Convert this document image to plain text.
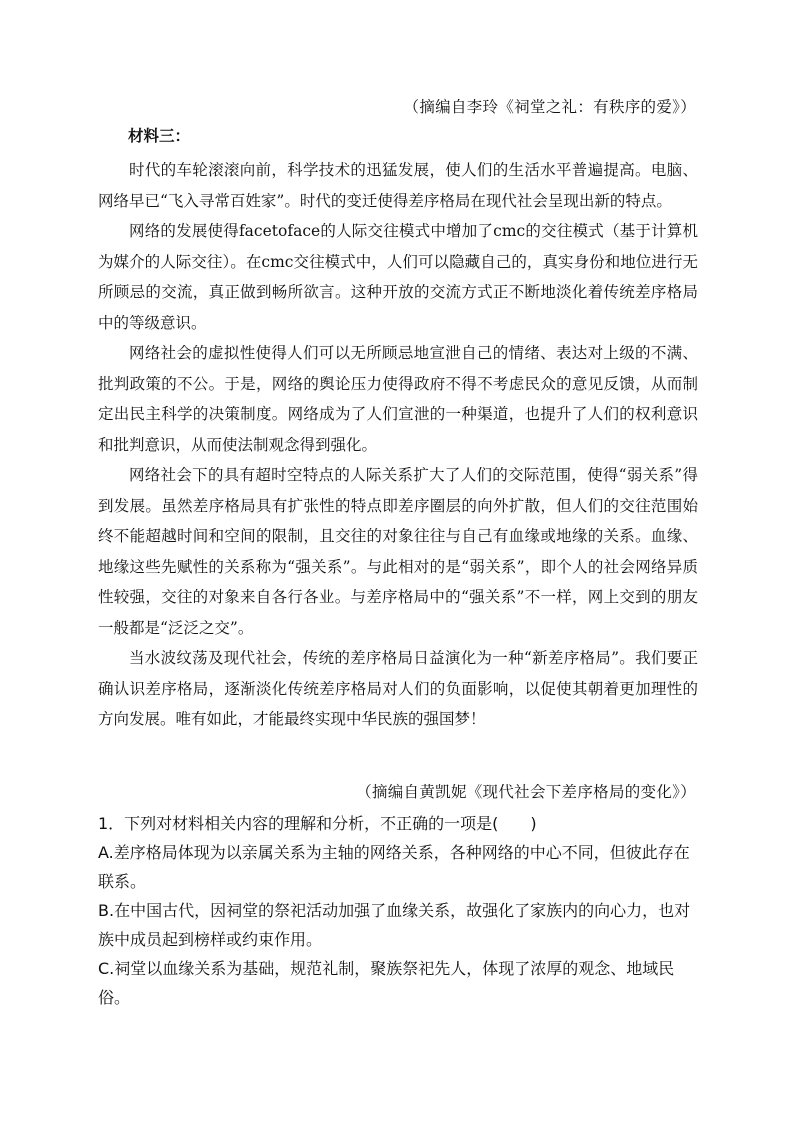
（摘编自李玲《祠堂之礼：有秩序的爱》）
材料三：

时代的车轮滚滚向前，科学技术的迅猛发展，使人们的生活水平普遍提高。电脑、网络早已“飞入寻常百姓家”。时代的变迁使得差序格局在现代社会呈现出新的特点。

网络的发展使得facetoface的人际交往模式中增加了cmc的交往模式（基于计算机为媒介的人际交往）。在cmc交往模式中，人们可以隐藏自己的，真实身份和地位进行无所顾忌的交流，真正做到畅所欲言。这种开放的交流方式正不断地淡化着传统差序格局中的等级意识。

网络社会的虚拟性使得人们可以无所顾忌地宣泄自己的情绪、表达对上级的不满、批判政策的不公。于是，网络的舆论压力使得政府不得不考虑民众的意见反馈，从而制定出民主科学的决策制度。网络成为了人们宣泄的一种渠道，也提升了人们的权利意识和批判意识，从而使法制观念得到强化。

网络社会下的具有超时空特点的人际关系扩大了人们的交际范围，使得“弱关系”得到发展。虽然差序格局具有扩张性的特点即差序圈层的向外扩散，但人们的交往范围始终不能超越时间和空间的限制，且交往的对象往往与自己有血缘或地缘的关系。血缘、地缘这些先赋性的关系称为“强关系”。与此相对的是“弱关系”，即个人的社会网络异质性较强，交往的对象来自各行各业。与差序格局中的“强关系”不一样，网上交到的朋友一般都是“泛泛之交”。

当水波纹荡及现代社会，传统的差序格局日益演化为一种“新差序格局”。我们要正确认识差序格局，逐渐淡化传统差序格局对人们的负面影响，以促使其朝着更加理性的方向发展。唯有如此，才能最终实现中华民族的强国梦！

（摘编自黄凯妮《现代社会下差序格局的变化》）

1．下列对材料相关内容的理解和分析，不正确的一项是(　　)

A.差序格局体现为以亲属关系为主轴的网络关系，各种网络的中心不同，但彼此存在联系。

B.在中国古代，因祠堂的祭祀活动加强了血缘关系，故强化了家族内的向心力，也对族中成员起到榜样或约束作用。

C.祠堂以血缘关系为基础，规范礼制，聚族祭祀先人，体现了浓厚的观念、地域民俗。
